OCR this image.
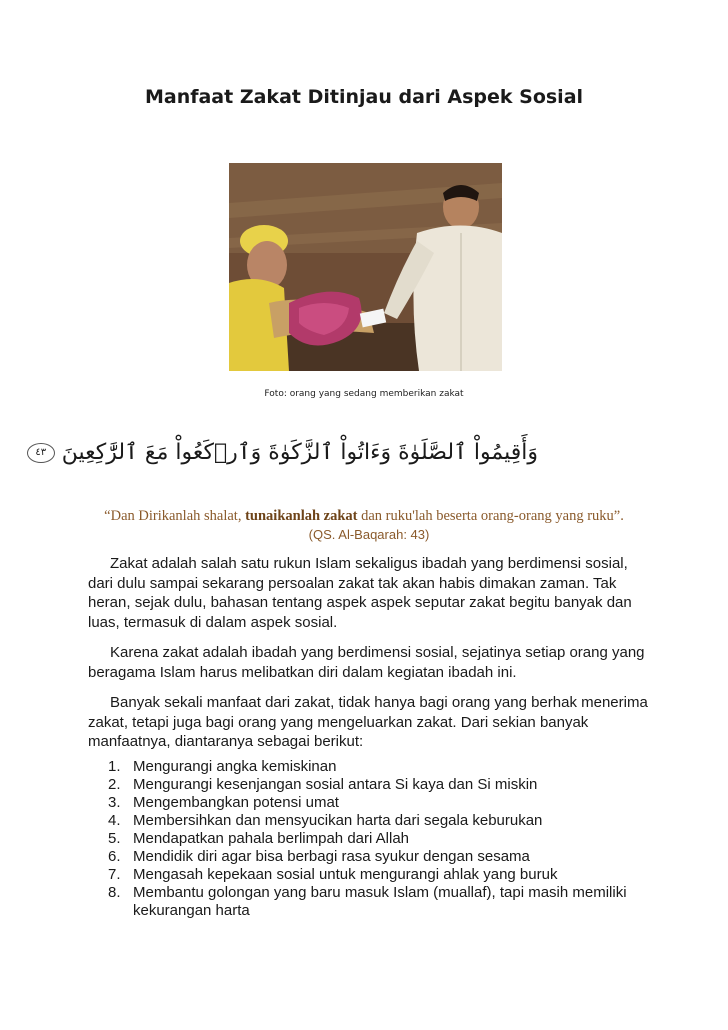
Manfaat Zakat Ditinjau dari Aspek Sosial
Foto: orang yang sedang memberikan zakat
وَأَقِيمُواْ ٱلصَّلَوٰةَ وَءَاتُواْ ٱلزَّكَوٰةَ وَٱرۡكَعُواْ مَعَ ٱلرَّٰكِعِينَ ٤٣
“Dan Dirikanlah shalat, tunaikanlah zakat dan ruku'lah beserta orang-orang yang ruku”.
(QS. Al-Baqarah: 43)
Zakat adalah salah satu rukun Islam sekaligus ibadah yang berdimensi sosial, dari dulu sampai sekarang persoalan zakat tak akan habis dimakan zaman. Tak heran, sejak dulu, bahasan tentang aspek aspek seputar zakat begitu banyak dan luas, termasuk di dalam aspek sosial.
Karena zakat adalah ibadah yang berdimensi sosial, sejatinya setiap orang yang beragama Islam harus melibatkan diri dalam kegiatan ibadah ini.
Banyak sekali manfaat dari zakat, tidak hanya bagi orang yang berhak menerima zakat, tetapi juga bagi orang yang mengeluarkan zakat. Dari sekian banyak manfaatnya, diantaranya sebagai berikut:
1. Mengurangi angka kemiskinan
2. Mengurangi kesenjangan sosial antara Si kaya dan Si miskin
3. Mengembangkan potensi umat
4. Membersihkan dan mensyucikan harta dari segala keburukan
5. Mendapatkan pahala berlimpah dari Allah
6. Mendidik diri agar bisa berbagi rasa syukur dengan sesama
7. Mengasah kepekaan sosial untuk mengurangi ahlak yang buruk
8. Membantu golongan yang baru masuk Islam (muallaf), tapi masih memiliki kekurangan harta
